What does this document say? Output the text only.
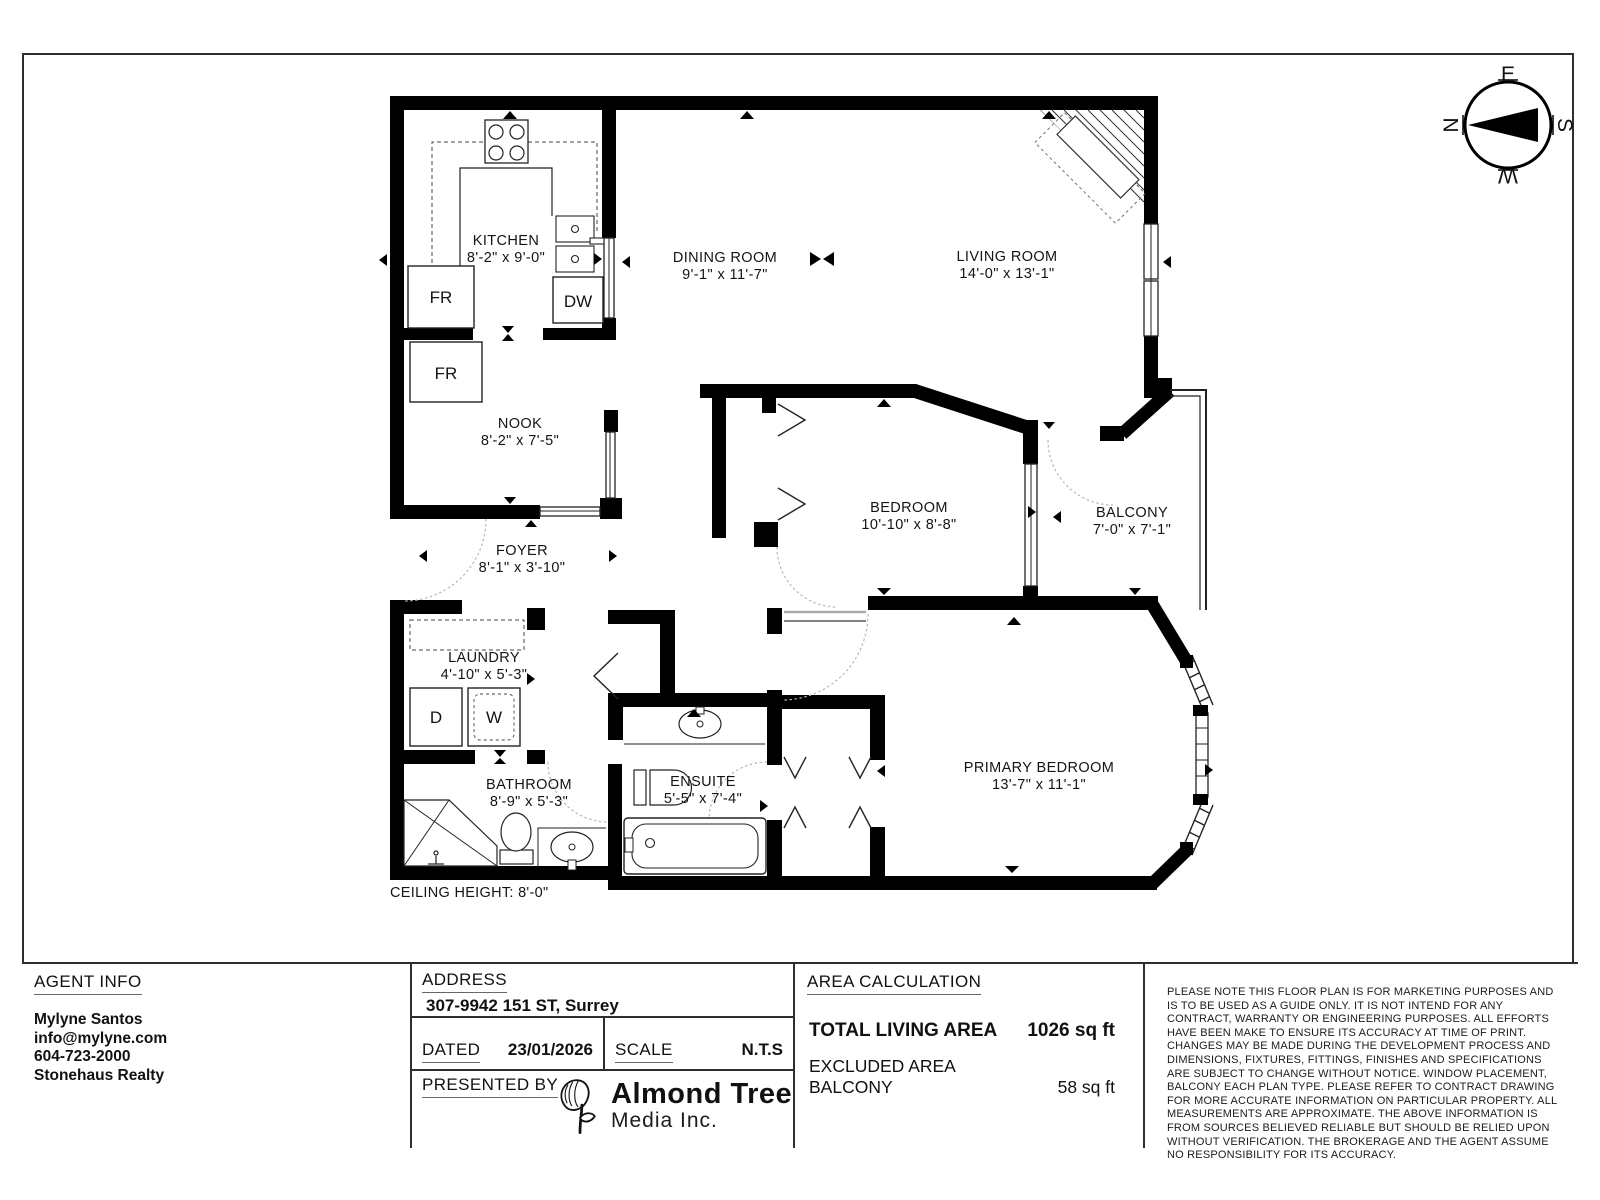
E
S
W
N
KITCHEN
8'-2" x 9'-0"	DINING ROOM
9'-1" x 11'-7"
LIVING ROOM
14'-0" x 13'-1"
NOOK
8'-2" x 7'-5"
FOYER
8'-1" x 3'-10"
BEDROOM
10'-10" x 8'-8"
BALCONY
7'-0" x 7'-1"
LAUNDRY
4'-10" x 5'-3"
BATHROOM
8'-9" x 5'-3"
ENSUITE
5'-5" x 7'-4"
PRIMARY BEDROOM
13'-7" x 11'-1"
FR
FR
DW
D	W
CEILING HEIGHT: 8'-0"
AGENT INFO
Mylyne Santos
info@mylyne.com
604-723-2000
Stonehaus Realty
ADDRESS
307-9942 151 ST, Surrey
DATED 23/01/2026 SCALE	N.T.S
PRESENTED BY Almond Tree
Media Inc.
AREA CALCULATION
TOTAL LIVING AREA 1026 sq ft
EXCLUDED AREA
BALCONY	58 sq ft
PLEASE NOTE THIS FLOOR PLAN IS FOR MARKETING PURPOSES AND IS TO BE USED AS A GUIDE ONLY. IT IS NOT INTEND FOR ANY CONTRACT, WARRANTY OR ENGINEERING PURPOSES. ALL EFFORTS HAVE BEEN MAKE TO ENSURE ITS ACCURACY AT TIME OF PRINT. CHANGES MAY BE MADE DURING THE DEVELOPMENT PROCESS AND DIMENSIONS, FIXTURES, FITTINGS, FINISHES AND SPECIFICATIONS ARE SUBJECT TO CHANGE WITHOUT NOTICE. WINDOW PLACEMENT, BALCONY EACH PLAN TYPE. PLEASE REFER TO CONTRACT DRAWING FOR MORE ACCURATE INFORMATION ON PARTICULAR PROPERTY. ALL MEASUREMENTS ARE APPROXIMATE. THE ABOVE INFORMATION IS FROM SOURCES BELIEVED RELIABLE BUT SHOULD BE RELIED UPON WITHOUT VERIFICATION. THE BROKERAGE AND THE AGENT ASSUME NO RESPONSIBILITY FOR ITS ACCURACY.
